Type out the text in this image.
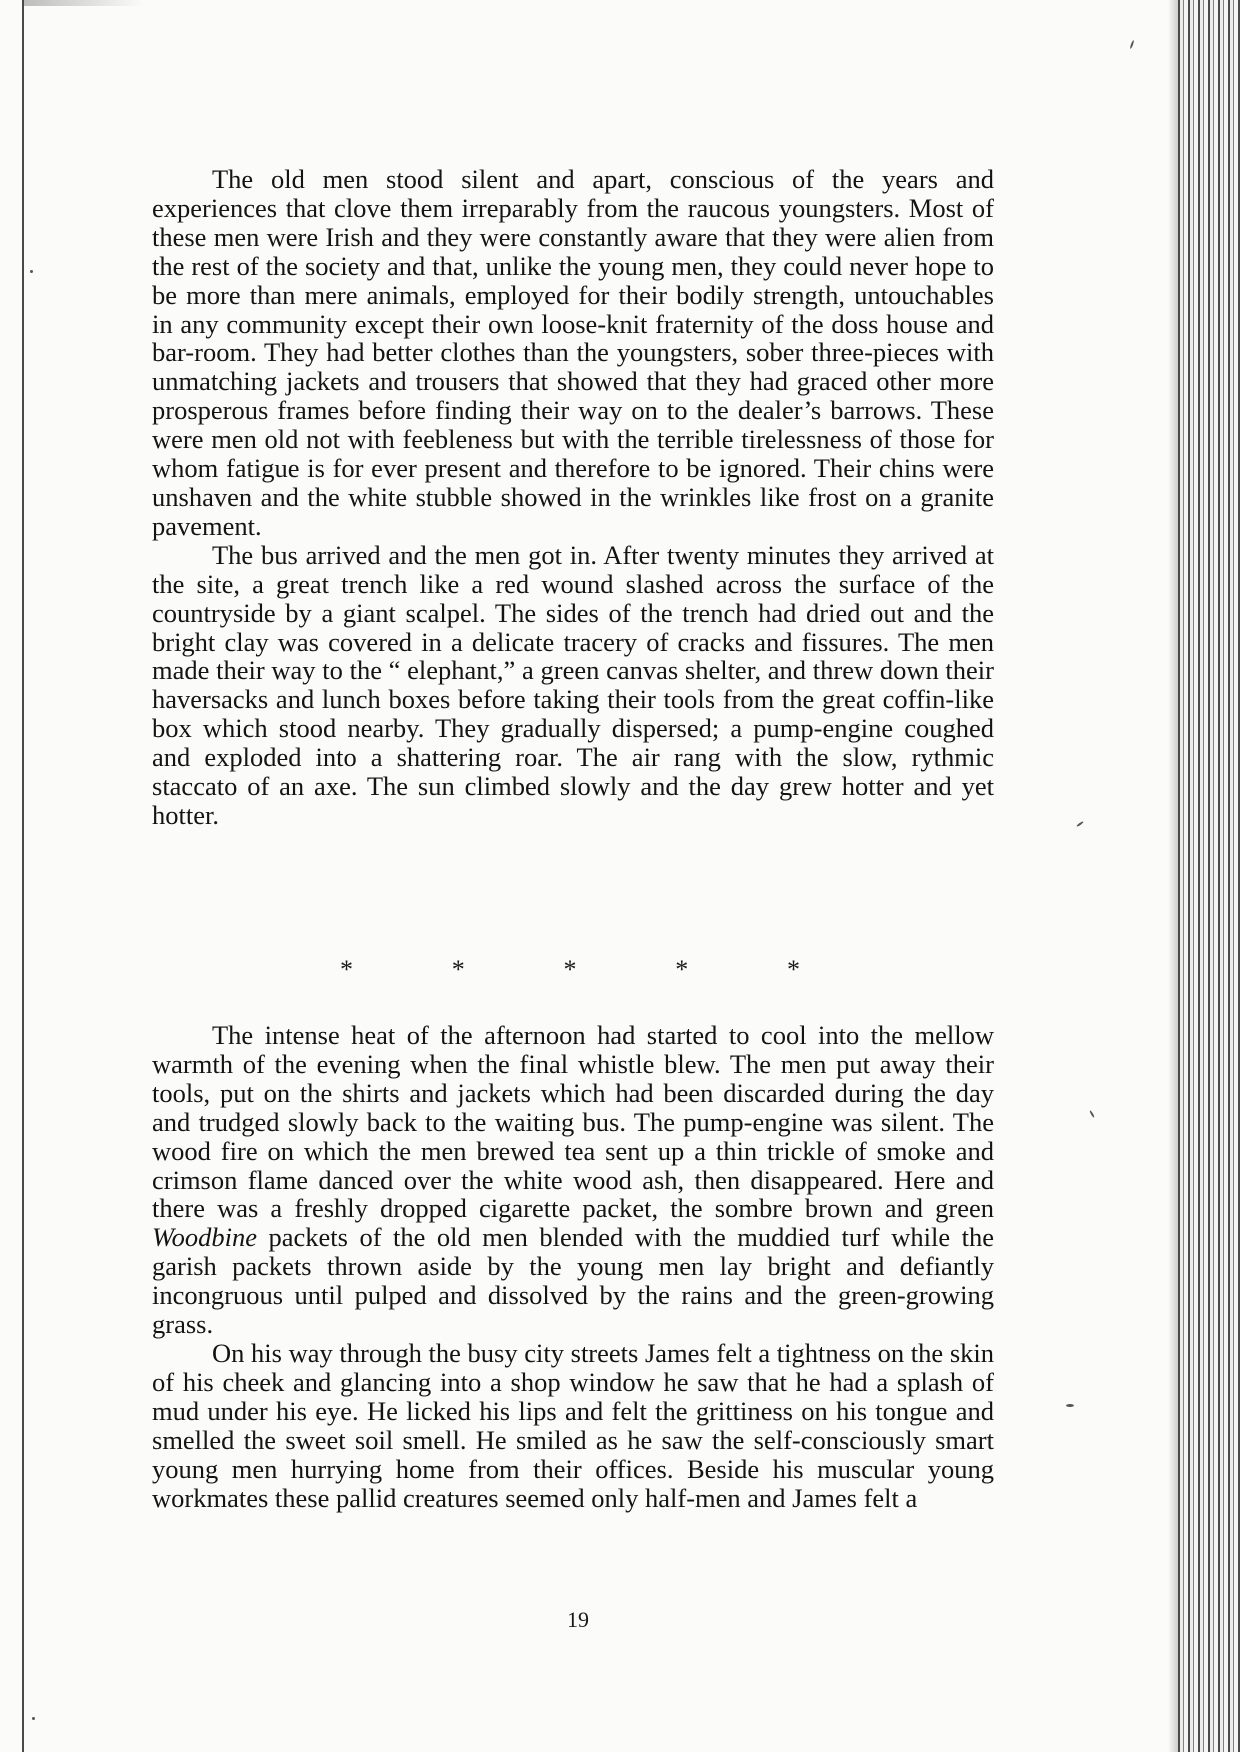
The old men stood silent and apart, conscious of the years and experiences that clove them irreparably from the raucous youngsters. Most of these men were Irish and they were constantly aware that they were alien from the rest of the society and that, unlike the young men, they could never hope to be more than mere animals, employed for their bodily strength, untouchables in any community except their own loose-knit fraternity of the doss house and bar-room. They had better clothes than the youngsters, sober three-pieces with unmatching jackets and trousers that showed that they had graced other more prosperous frames before finding their way on to the dealer’s barrows. These were men old not with feebleness but with the terrible tirelessness of those for whom fatigue is for ever present and therefore to be ignored. Their chins were unshaven and the white stubble showed in the wrinkles like frost on a granite pavement.

The bus arrived and the men got in. After twenty minutes they arrived at the site, a great trench like a red wound slashed across the surface of the countryside by a giant scalpel. The sides of the trench had dried out and the bright clay was covered in a delicate tracery of cracks and fissures. The men made their way to the “ elephant,” a green canvas shelter, and threw down their haversacks and lunch boxes before taking their tools from the great coffin-like box which stood nearby. They gradually dispersed; a pump-engine coughed and exploded into a shattering roar. The air rang with the slow, rythmic staccato of an axe. The sun climbed slowly and the day grew hotter and yet hotter.

*	*	*	*	*

The intense heat of the afternoon had started to cool into the mellow warmth of the evening when the final whistle blew. The men put away their tools, put on the shirts and jackets which had been discarded during the day and trudged slowly back to the waiting bus. The pump-engine was silent. The wood fire on which the men brewed tea sent up a thin trickle of smoke and crimson flame danced over the white wood ash, then disappeared. Here and there was a freshly dropped cigarette packet, the sombre brown and green Woodbine packets of the old men blended with the muddied turf while the garish packets thrown aside by the young men lay bright and defiantly incongruous until pulped and dissolved by the rains and the green-growing grass.

On his way through the busy city streets James felt a tightness on the skin of his cheek and glancing into a shop window he saw that he had a splash of mud under his eye. He licked his lips and felt the grittiness on his tongue and smelled the sweet soil smell. He smiled as he saw the self-consciously smart young men hurrying home from their offices. Beside his muscular young workmates these pallid creatures seemed only half-men and James felt a

19
